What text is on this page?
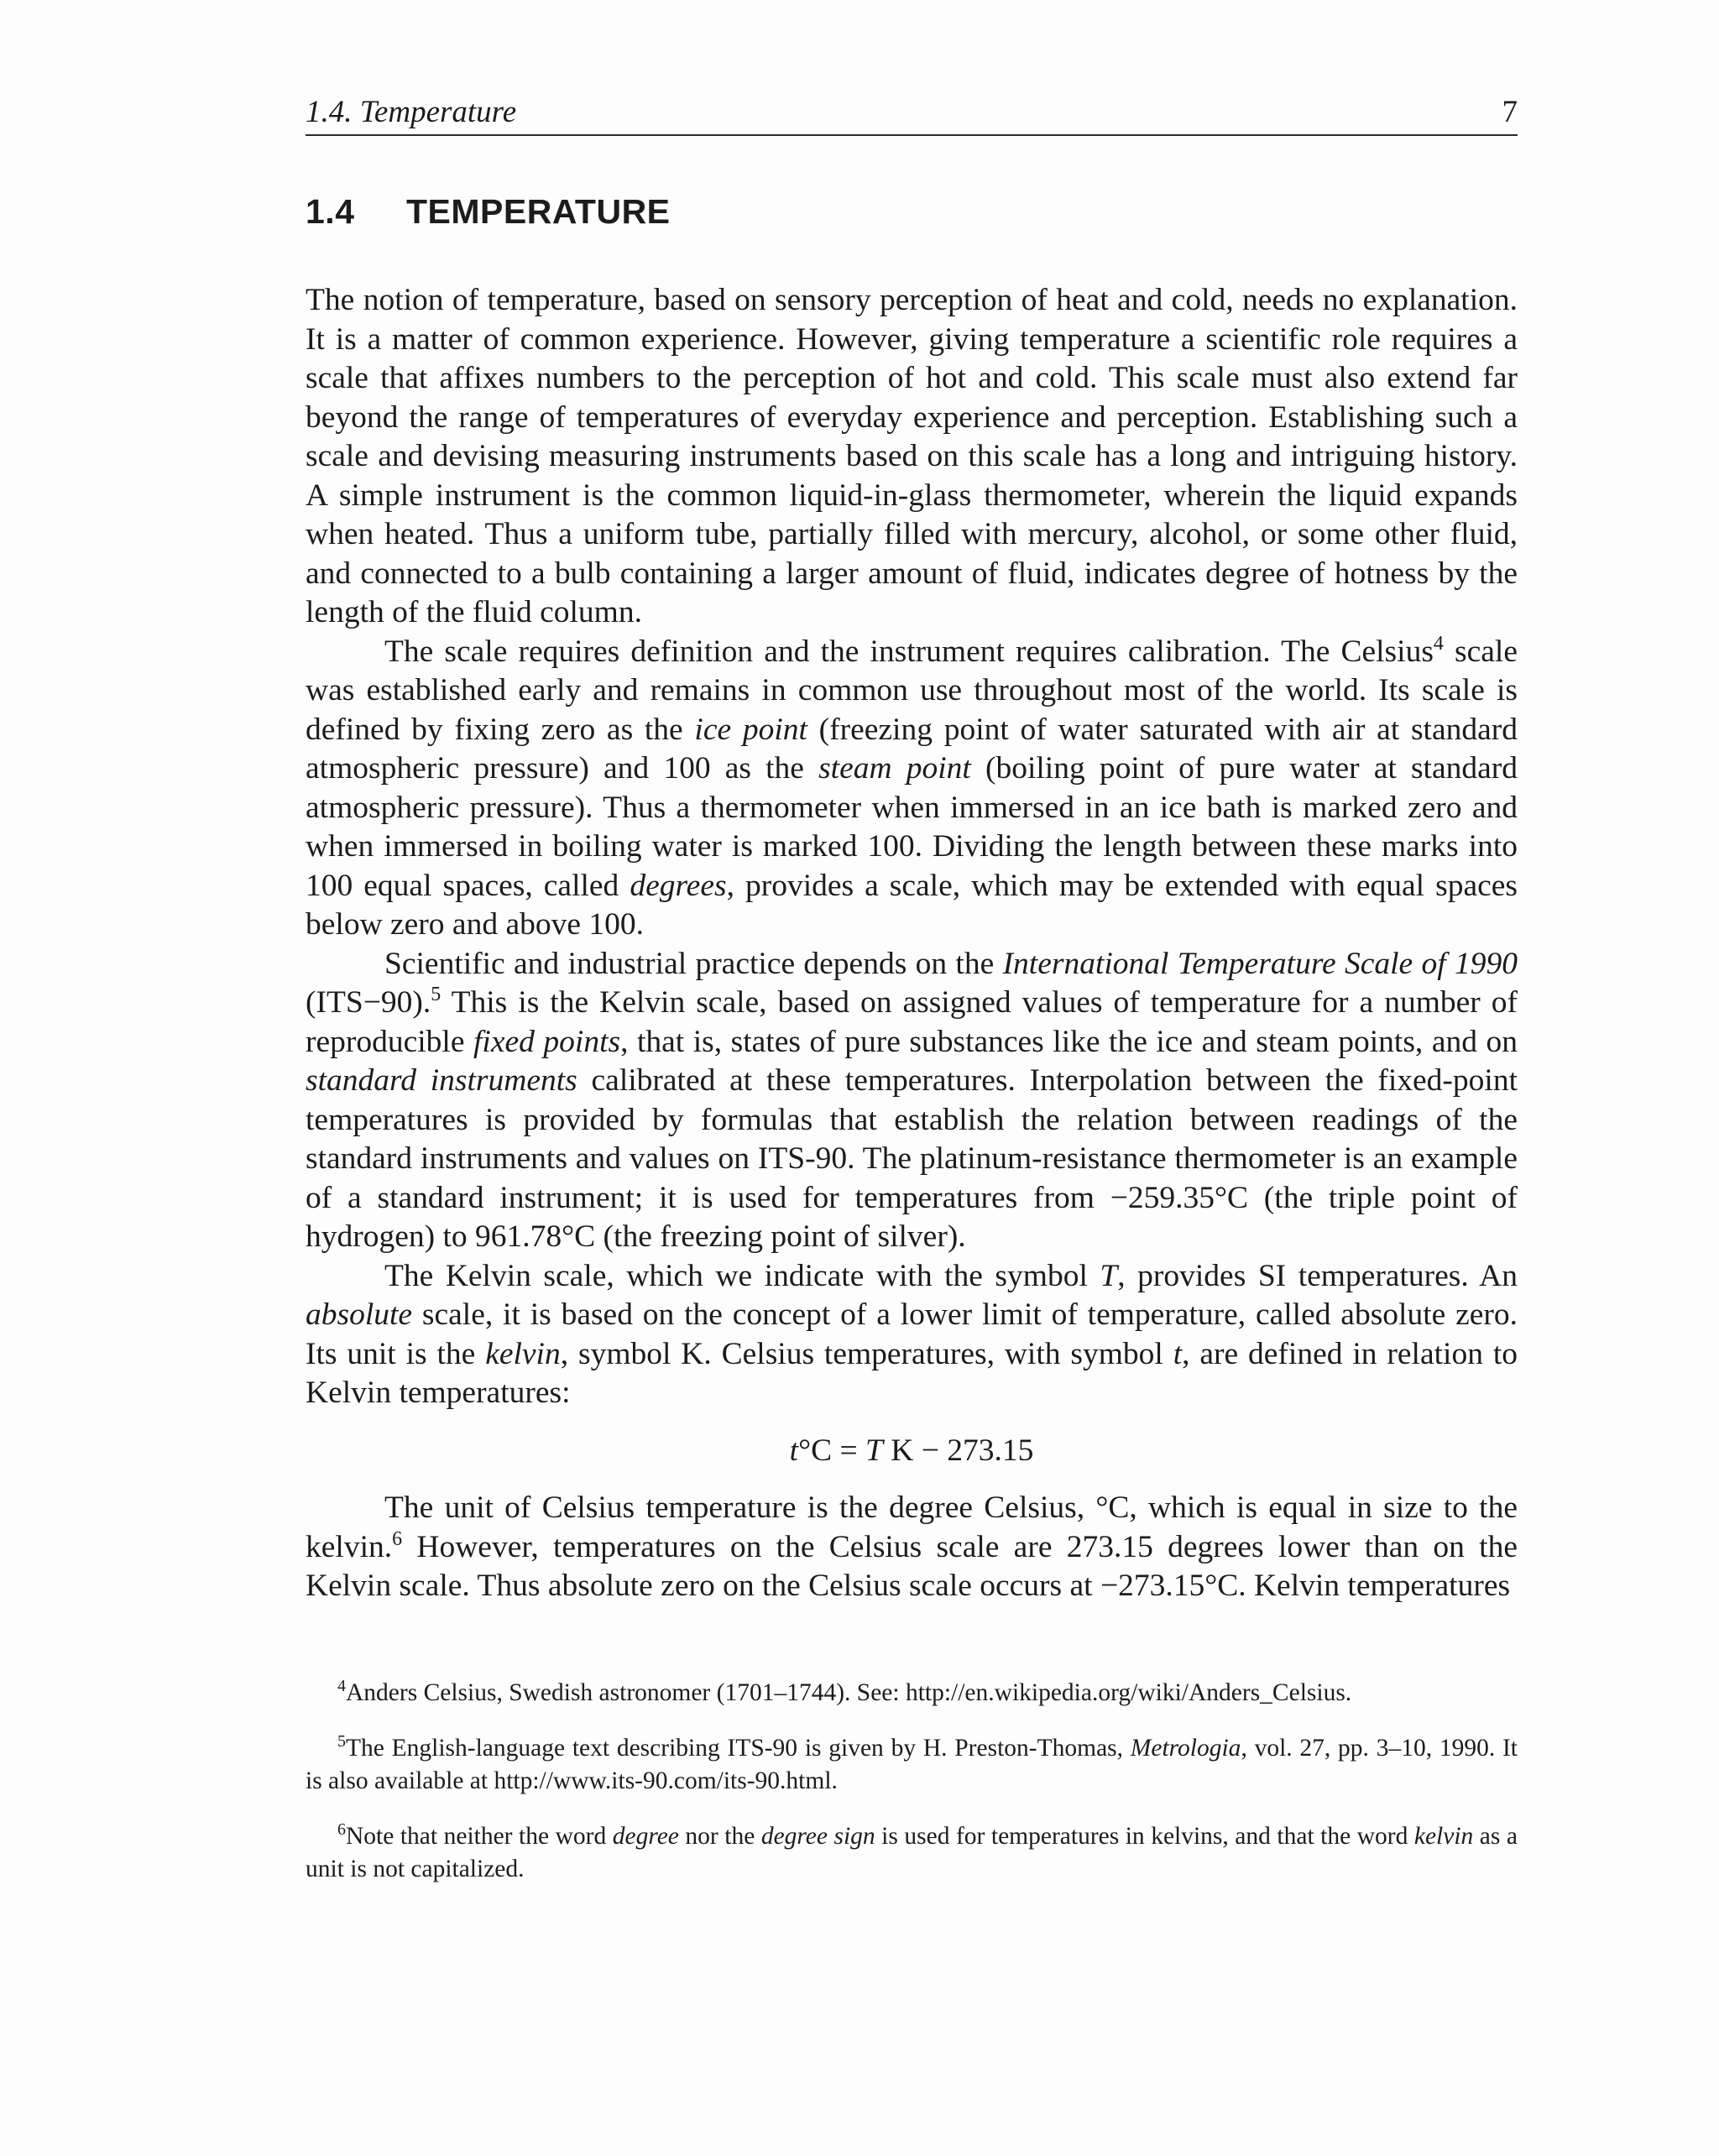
1.4. Temperature	7
1.4 TEMPERATURE

The notion of temperature, based on sensory perception of heat and cold, needs no explanation. It is a matter of common experience. However, giving temperature a scientific role requires a scale that affixes numbers to the perception of hot and cold. This scale must also extend far beyond the range of temperatures of everyday experience and perception. Establishing such a scale and devising measuring instruments based on this scale has a long and intriguing history. A simple instrument is the common liquid-in-glass thermometer, wherein the liquid expands when heated. Thus a uniform tube, partially filled with mercury, alcohol, or some other fluid, and connected to a bulb containing a larger amount of fluid, indicates degree of hotness by the length of the fluid column.

The scale requires definition and the instrument requires calibration. The Celsius$^4$ scale was established early and remains in common use throughout most of the world. Its scale is defined by fixing zero as the ice point (freezing point of water saturated with air at standard atmospheric pressure) and 100 as the steam point (boiling point of pure water at standard atmospheric pressure). Thus a thermometer when immersed in an ice bath is marked zero and when immersed in boiling water is marked 100. Dividing the length between these marks into 100 equal spaces, called degrees, provides a scale, which may be extended with equal spaces below zero and above 100.

Scientific and industrial practice depends on the International Temperature Scale of 1990 (ITS−90).$^5$ This is the Kelvin scale, based on assigned values of temperature for a number of reproducible fixed points, that is, states of pure substances like the ice and steam points, and on standard instruments calibrated at these temperatures. Interpolation between the fixed-point temperatures is provided by formulas that establish the relation between readings of the standard instruments and values on ITS-90. The platinum-resistance thermometer is an example of a standard instrument; it is used for temperatures from −259.35°C (the triple point of hydrogen) to 961.78°C (the freezing point of silver).

The Kelvin scale, which we indicate with the symbol T, provides SI temperatures. An absolute scale, it is based on the concept of a lower limit of temperature, called absolute zero. Its unit is the kelvin, symbol K. Celsius temperatures, with symbol t, are defined in relation to Kelvin temperatures:

t°C = T K − 273.15

The unit of Celsius temperature is the degree Celsius, °C, which is equal in size to the kelvin.$^6$ However, temperatures on the Celsius scale are 273.15 degrees lower than on the Kelvin scale. Thus absolute zero on the Celsius scale occurs at −273.15°C. Kelvin temperatures

$^4$Anders Celsius, Swedish astronomer (1701–1744). See: http://en.wikipedia.org/wiki/Anders_Celsius.

$^5$The English-language text describing ITS-90 is given by H. Preston-Thomas, Metrologia, vol. 27, pp. 3–10, 1990. It is also available at http://www.its-90.com/its-90.html.

$^6$Note that neither the word degree nor the degree sign is used for temperatures in kelvins, and that the word kelvin as a unit is not capitalized.
